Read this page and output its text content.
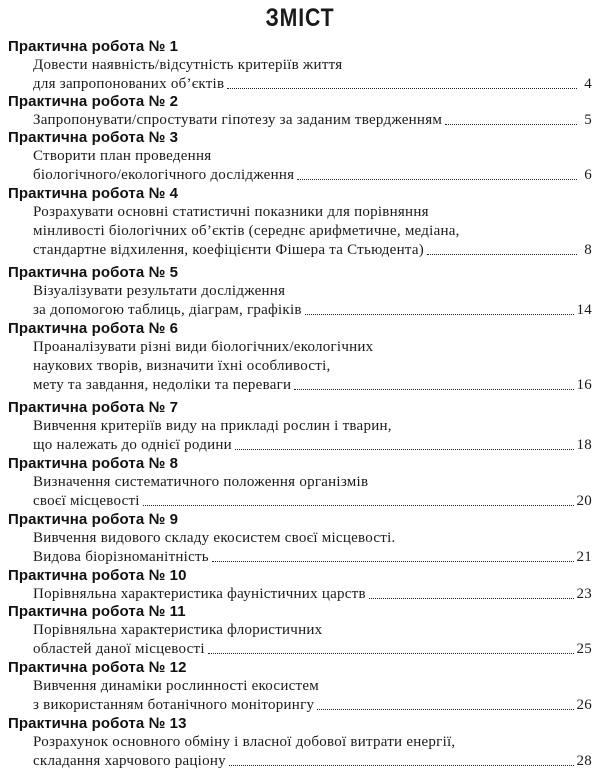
ЗМІСТ
Практична робота № 1
Довести наявність/відсутність критеріїв життя
для запропонованих об’єктів	4
Практична робота № 2
Запропонувати/спростувати гіпотезу за заданим твердженням	5
Практична робота № 3
Створити план проведення
біологічного/екологічного дослідження	6
Практична робота № 4
Розрахувати основні статистичні показники для порівняння
мінливості біологічних об’єктів (середнє арифметичне, медіана,
стандартне відхилення, коефіцієнти Фішера та Стьюдента)	8
Практична робота № 5
Візуалізувати результати дослідження
за допомогою таблиць, діаграм, графіків	14
Практична робота № 6
Проаналізувати різні види біологічних/екологічних
наукових творів, визначити їхні особливості,
мету та завдання, недоліки та переваги	16
Практична робота № 7
Вивчення критеріїв виду на прикладі рослин і тварин,
що належать до однієї родини	18
Практична робота № 8
Визначення систематичного положення організмів
своєї місцевості	20
Практична робота № 9
Вивчення видового складу екосистем своєї місцевості.
Видова біорізноманітність	21
Практична робота № 10
Порівняльна характеристика фауністичних царств	23
Практична робота № 11
Порівняльна характеристика флористичних
областей даної місцевості	25
Практична робота № 12
Вивчення динаміки рослинності екосистем
з використанням ботанічного моніторингу	26
Практична робота № 13
Розрахунок основного обміну і власної добової витрати енергії,
складання харчового раціону	28
